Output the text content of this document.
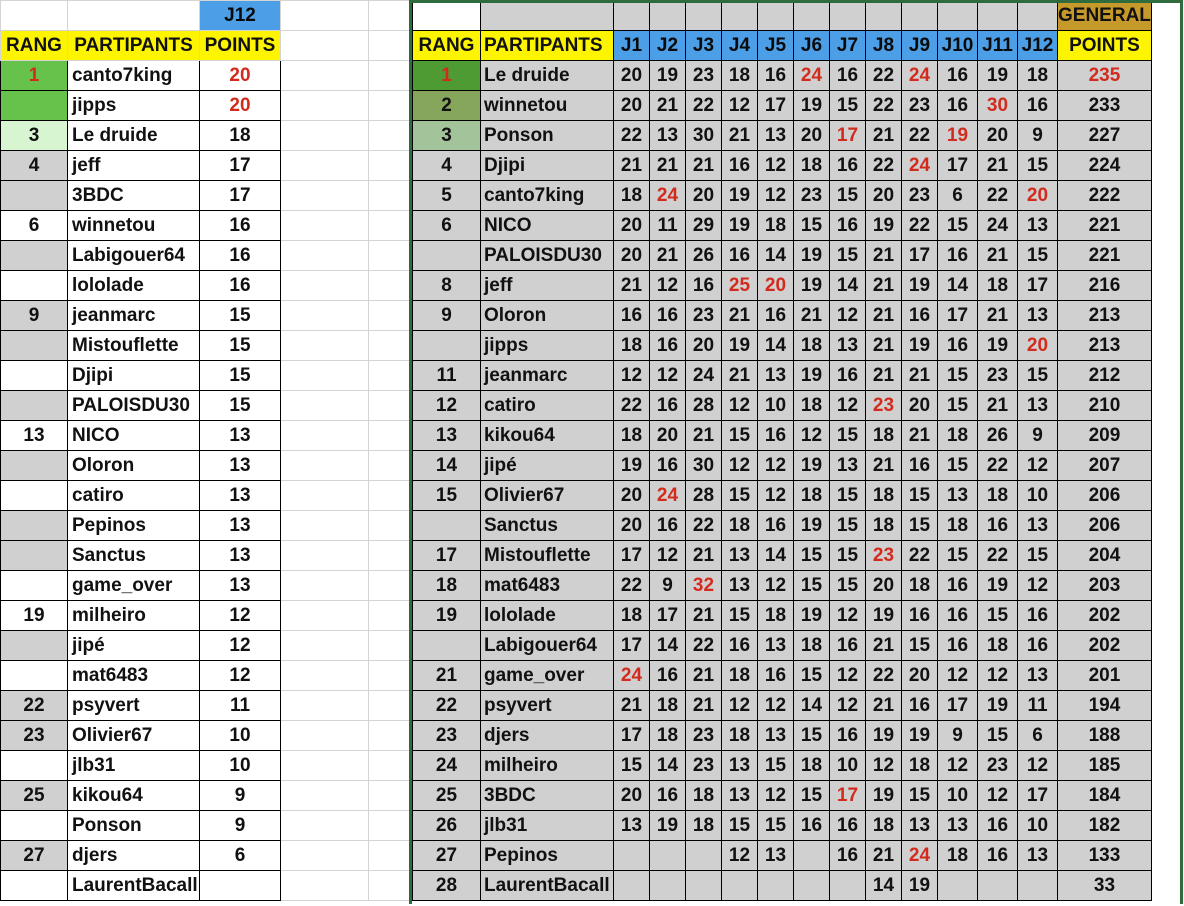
		J12		
RANG	PARTIPANTS	POINTS		
1	canto7king	20		
	jipps	20		
3	Le druide	18		
4	jeff	17		
	3BDC	17		
6	winnetou	16		
	Labigouer64	16		
	lololade	16		
9	jeanmarc	15		
	Mistouflette	15		
	Djipi	15		
	PALOISDU30	15		
13	NICO	13		
	Oloron	13		
	catiro	13		
	Pepinos	13		
	Sanctus	13		
	game_over	13		
19	milheiro	12		
	jipé	12		
	mat6483	12		
22	psyvert	11		
23	Olivier67	10		
	jlb31	10		
25	kikou64	9		
	Ponson	9		
27	djers	6		
	LaurentBacall			
														GENERAL
RANG	PARTIPANTS	J1	J2	J3	J4	J5	J6	J7	J8	J9	J10	J11	J12	POINTS
1	Le druide	20	19	23	18	16	24	16	22	24	16	19	18	235
2	winnetou	20	21	22	12	17	19	15	22	23	16	30	16	233
3	Ponson	22	13	30	21	13	20	17	21	22	19	20	9	227
4	Djipi	21	21	21	16	12	18	16	22	24	17	21	15	224
5	canto7king	18	24	20	19	12	23	15	20	23	6	22	20	222
6	NICO	20	11	29	19	18	15	16	19	22	15	24	13	221
	PALOISDU30	20	21	26	16	14	19	15	21	17	16	21	15	221
8	jeff	21	12	16	25	20	19	14	21	19	14	18	17	216
9	Oloron	16	16	23	21	16	21	12	21	16	17	21	13	213
	jipps	18	16	20	19	14	18	13	21	19	16	19	20	213
11	jeanmarc	12	12	24	21	13	19	16	21	21	15	23	15	212
12	catiro	22	16	28	12	10	18	12	23	20	15	21	13	210
13	kikou64	18	20	21	15	16	12	15	18	21	18	26	9	209
14	jipé	19	16	30	12	12	19	13	21	16	15	22	12	207
15	Olivier67	20	24	28	15	12	18	15	18	15	13	18	10	206
	Sanctus	20	16	22	18	16	19	15	18	15	18	16	13	206
17	Mistouflette	17	12	21	13	14	15	15	23	22	15	22	15	204
18	mat6483	22	9	32	13	12	15	15	20	18	16	19	12	203
19	lololade	18	17	21	15	18	19	12	19	16	16	15	16	202
	Labigouer64	17	14	22	16	13	18	16	21	15	16	18	16	202
21	game_over	24	16	21	18	16	15	12	22	20	12	12	13	201
22	psyvert	21	18	21	12	12	14	12	21	16	17	19	11	194
23	djers	17	18	23	18	13	15	16	19	19	9	15	6	188
24	milheiro	15	14	23	13	15	18	10	12	18	12	23	12	185
25	3BDC	20	16	18	13	12	15	17	19	15	10	12	17	184
26	jlb31	13	19	18	15	15	16	16	18	13	13	16	10	182
27	Pepinos				12	13		16	21	24	18	16	13	133
28	LaurentBacall								14	19				33
